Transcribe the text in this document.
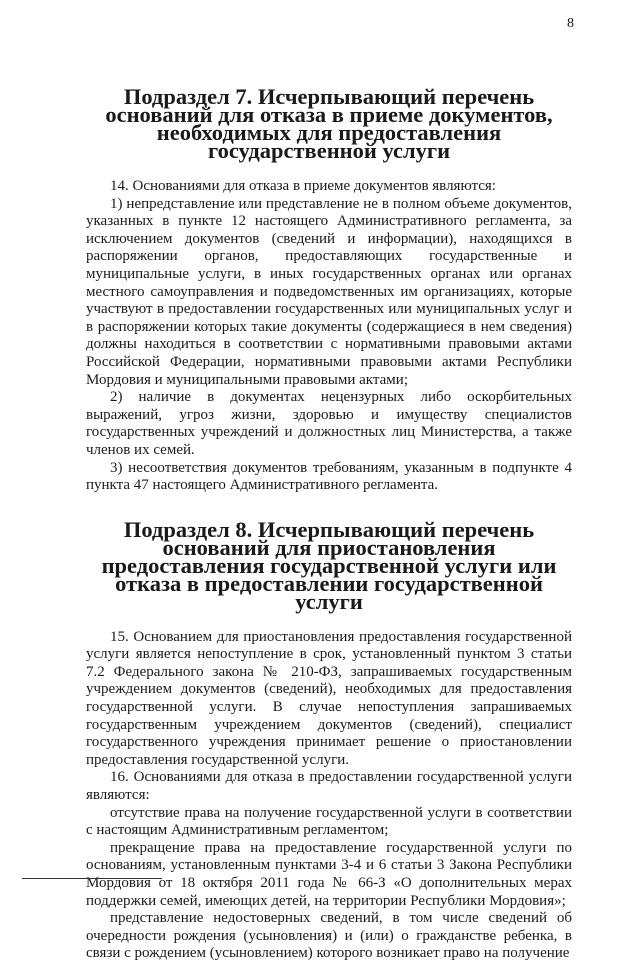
8
Подраздел 7. Исчерпывающий перечень оснований для отказа в приеме документов, необходимых для предоставления государственной услуги

14. Основаниями для отказа в приеме документов являются:

1) непредставление или представление не в полном объеме документов, указанных в пункте 12 настоящего Административного регламента, за исключением документов (сведений и информации), находящихся в распоряжении органов, предоставляющих государственные и муниципальные услуги, в иных государственных органах или органах местного самоуправления и подведомственных им организациях, которые участвуют в предоставлении государственных или муниципальных услуг и в распоряжении которых такие документы (содержащиеся в нем сведения) должны находиться в соответствии с нормативными правовыми актами Российской Федерации, нормативными правовыми актами Республики Мордовия и муниципальными правовыми актами;

2) наличие в документах нецензурных либо оскорбительных выражений, угроз жизни, здоровью и имуществу специалистов государственных учреждений и должностных лиц Министерства, а также членов их семей.

3) несоответствия документов требованиям, указанным в подпункте 4 пункта 47 настоящего Административного регламента.

Подраздел 8. Исчерпывающий перечень оснований для приостановления предоставления государственной услуги или отказа в предоставлении государственной услуги

15. Основанием для приостановления предоставления государственной услуги является непоступление в срок, установленный пунктом 3 статьи 7.2 Федерального закона № 210-ФЗ, запрашиваемых государственным учреждением документов (сведений), необходимых для предоставления государственной услуги. В случае непоступления запрашиваемых государственным учреждением документов (сведений), специалист государственного учреждения принимает решение о приостановлении предоставления государственной услуги.

16. Основаниями для отказа в предоставлении государственной услуги являются:

отсутствие права на получение государственной услуги в соответствии с настоящим Административным регламентом;

прекращение права на предоставление государственной услуги по основаниям, установленным пунктами 3-4 и 6 статьи 3 Закона Республики Мордовия от 18 октября 2011 года № 66-З «О дополнительных мерах поддержки семей, имеющих детей, на территории Республики Мордовия»;

представление недостоверных сведений, в том числе сведений об очередности рождения (усыновления) и (или) о гражданстве ребенка, в связи с рождением (усыновлением) которого возникает право на получение
